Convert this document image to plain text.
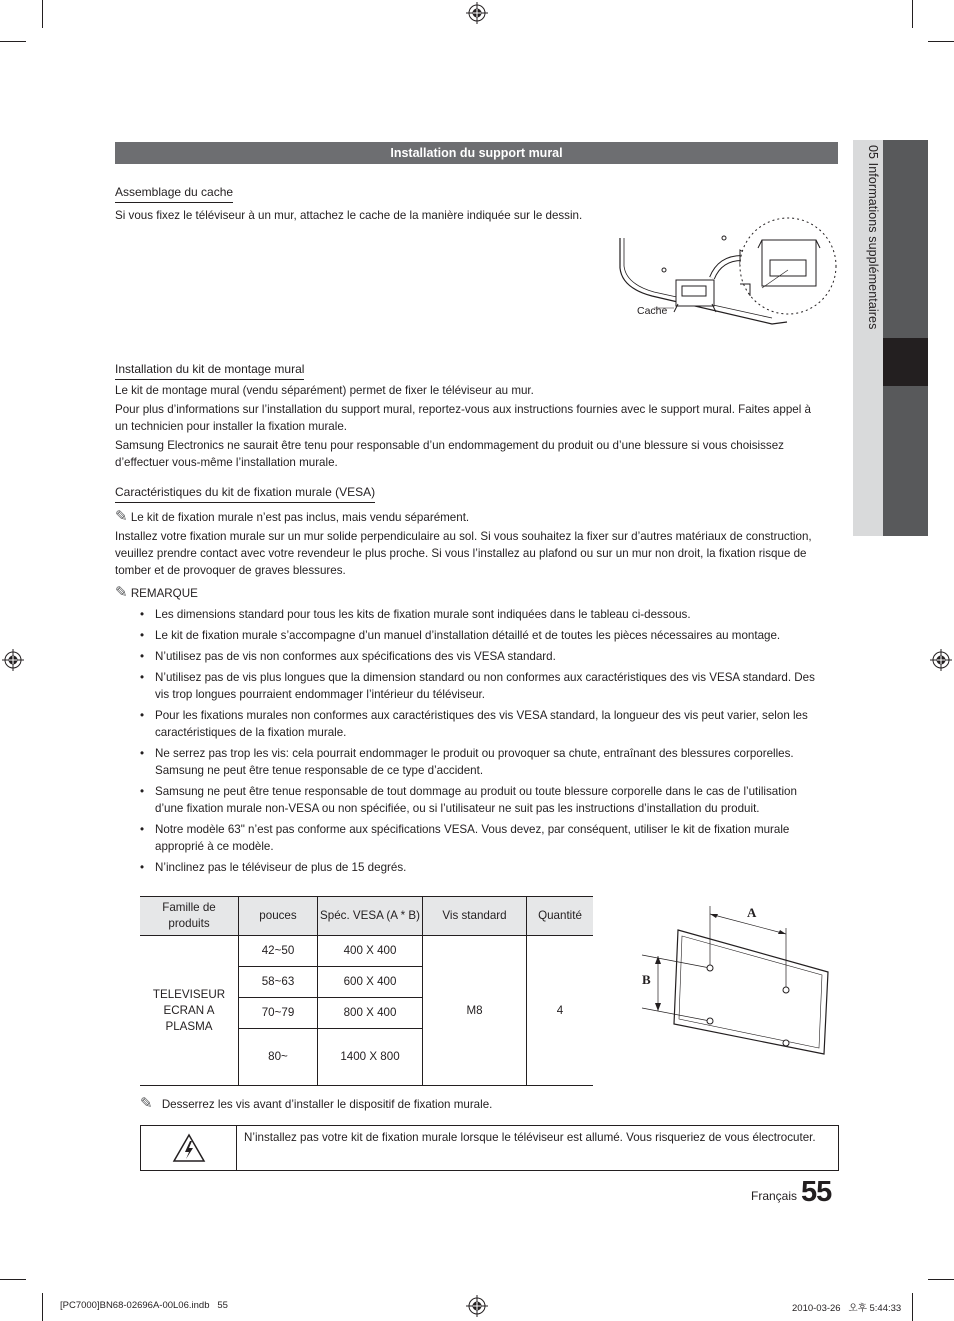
05 Informations supplémentaires
Installation du support mural
Assemblage du cache
Si vous fixez le téléviseur à un mur, attachez le cache de la manière indiquée sur le dessin.
Cache
Installation du kit de montage mural
Le kit de montage mural (vendu séparément) permet de fixer le téléviseur au mur.
Pour plus d’informations sur l’installation du support mural, reportez-vous aux instructions fournies avec le support mural. Faites appel à un technicien pour installer la fixation murale.
Samsung Electronics ne saurait être tenu pour responsable d’un endommagement du produit ou d’une blessure si vous choisissez d’effectuer vous-même l’installation murale.
Caractéristiques du kit de fixation murale (VESA)
✎ Le kit de fixation murale n’est pas inclus, mais vendu séparément.
Installez votre fixation murale sur un mur solide perpendiculaire au sol. Si vous souhaitez la fixer sur d’autres matériaux de construction, veuillez prendre contact avec votre revendeur le plus proche. Si vous l’installez au plafond ou sur un mur non droit, la fixation risque de tomber et de provoquer de graves blessures.
✎ REMARQUE
• Les dimensions standard pour tous les kits de fixation murale sont indiquées dans le tableau ci-dessous.
• Le kit de fixation murale s’accompagne d’un manuel d’installation détaillé et de toutes les pièces nécessaires au montage.
• N’utilisez pas de vis non conformes aux spécifications des vis VESA standard.
• N’utilisez pas de vis plus longues que la dimension standard ou non conformes aux caractéristiques des vis VESA standard. Des vis trop longues pourraient endommager l’intérieur du téléviseur.
• Pour les fixations murales non conformes aux caractéristiques des vis VESA standard, la longueur des vis peut varier, selon les caractéristiques de la fixation murale.
• Ne serrez pas trop les vis: cela pourrait endommager le produit ou provoquer sa chute, entraînant des blessures corporelles. Samsung ne peut être tenue responsable de ce type d’accident.
• Samsung ne peut être tenue responsable de tout dommage au produit ou toute blessure corporelle dans le cas de l’utilisation d’une fixation murale non-VESA ou non spécifiée, ou si l’utilisateur ne suit pas les instructions d’installation du produit.
• Notre modèle 63" n’est pas conforme aux spécifications VESA. Vous devez, par conséquent, utiliser le kit de fixation murale approprié à ce modèle.
• N’inclinez pas le téléviseur de plus de 15 degrés.
Famille de produits	pouces	Spéc. VESA (A * B)	Vis standard	Quantité
TELEVISEUR ECRAN A PLASMA	42~50	400 X 400	M8	4
	58~63	600 X 400		
	70~79	800 X 400		
	80~	1400 X 800		
A
B
✎ Desserrez les vis avant d’installer le dispositif de fixation murale.
N’installez pas votre kit de fixation murale lorsque le téléviseur est allumé. Vous risqueriez de vous électrocuter.
Français 55
[PC7000]BN68-02696A-00L06.indb   55	2010-03-26   오후 5:44:33
